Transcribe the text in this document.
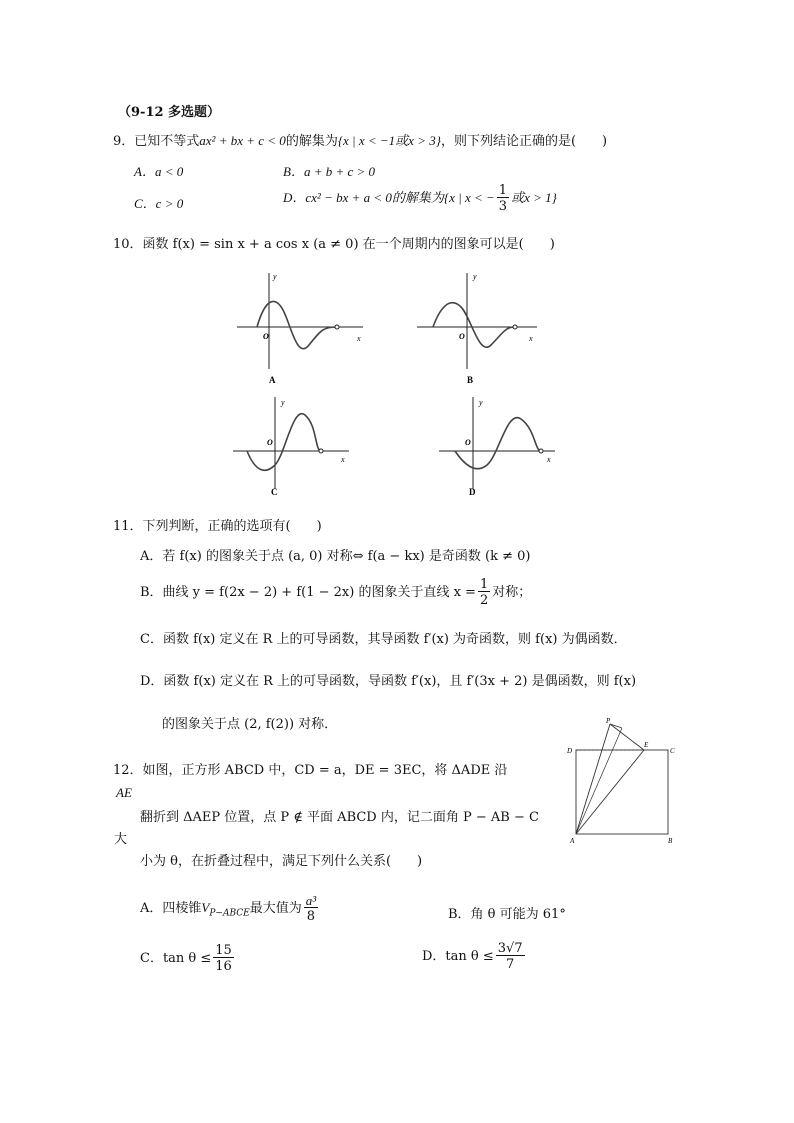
（9-12 多选题）
9．已知不等式ax² + bx + c < 0的解集为{x | x < −1或x > 3}，则下列结论正确的是(　　)
A．a < 0	B．a + b + c > 0
C．c > 0	D．cx² − bx + a < 0的解集为{x | x < − $\frac{1}{3}$ 或x > 1}
10．函数 f(x) = sin x + a cos x (a ≠ 0) 在一个周期内的图象可以是(　　)
y
x
O
A
y
x
O
B
y
x
O
C
y
x
O
D
11．下列判断，正确的选项有(　　)
A．若 f(x) 的图象关于点 (a, 0) 对称⇔ f(a − kx) 是奇函数 (k ≠ 0)
B．曲线 y = f(2x − 2) + f(1 − 2x) 的图象关于直线 $x = \frac{1}{2}$ 对称；
C．函数 f(x) 定义在 R 上的可导函数，其导函数 f′(x) 为奇函数，则 f(x) 为偶函数．
D．函数 f(x) 定义在 R 上的可导函数，导函数 f′(x)，且 f′(3x + 2) 是偶函数，则 f(x)
的图象关于点 (2, f(2)) 对称．
12．如图，正方形 ABCD 中，CD = a，DE = 3EC，将 ΔADE 沿
AE
翻折到 ΔAEP 位置，点 P ∉ 平面 ABCD 内，记二面角 P − AB − C
大
小为 θ，在折叠过程中，满足下列什么关系(　　)
P
D
E
C
A	B
A．四棱锥$V_{P-ABCE}$最大值为 $\frac{\text{a³}}{8}$	B．角 θ 可能为 61°
C．$\tan \theta \le \frac{15}{16}$	D．$\tan \theta \le \frac{3√7}{7}$
